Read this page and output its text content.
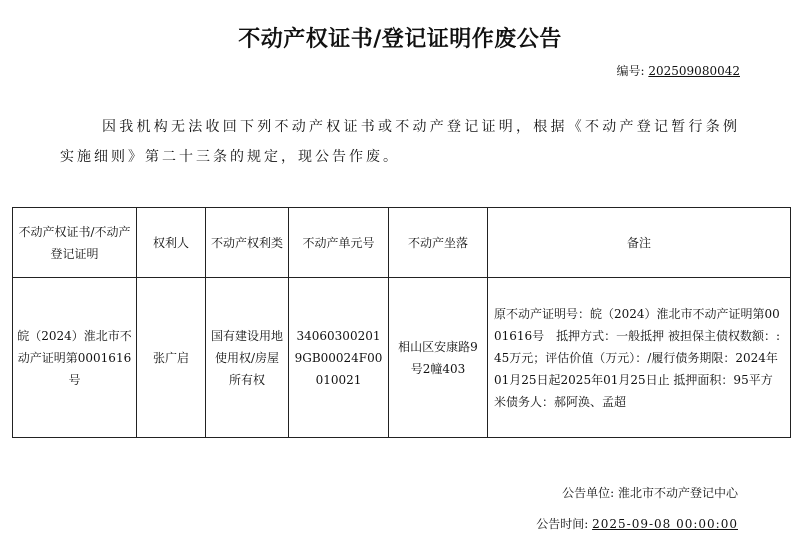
不动产权证书/登记证明作废公告
编号: 202509080042
因我机构无法收回下列不动产权证书或不动产登记证明，根据《不动产登记暂行条例实施细则》第二十三条的规定，现公告作废。
不动产权证书/不动产登记证明	权利人	不动产权利类	不动产单元号	不动产坐落	备注
皖（2024）淮北市不动产证明第0001616号	张广启	国有建设用地使用权/房屋所有权	340603002019GB00024F00010021	相山区安康路9号2幢403	原不动产证明号：皖（2024）淮北市不动产证明第0001616号　抵押方式：一般抵押 被担保主债权数额：:45万元；评估价值（万元）：/履行债务期限：2024年01月25日起2025年01月25日止 抵押面积：95平方米债务人：郝阿涣、孟超
公告单位: 淮北市不动产登记中心
公告时间: 2025-09-08 00:00:00
